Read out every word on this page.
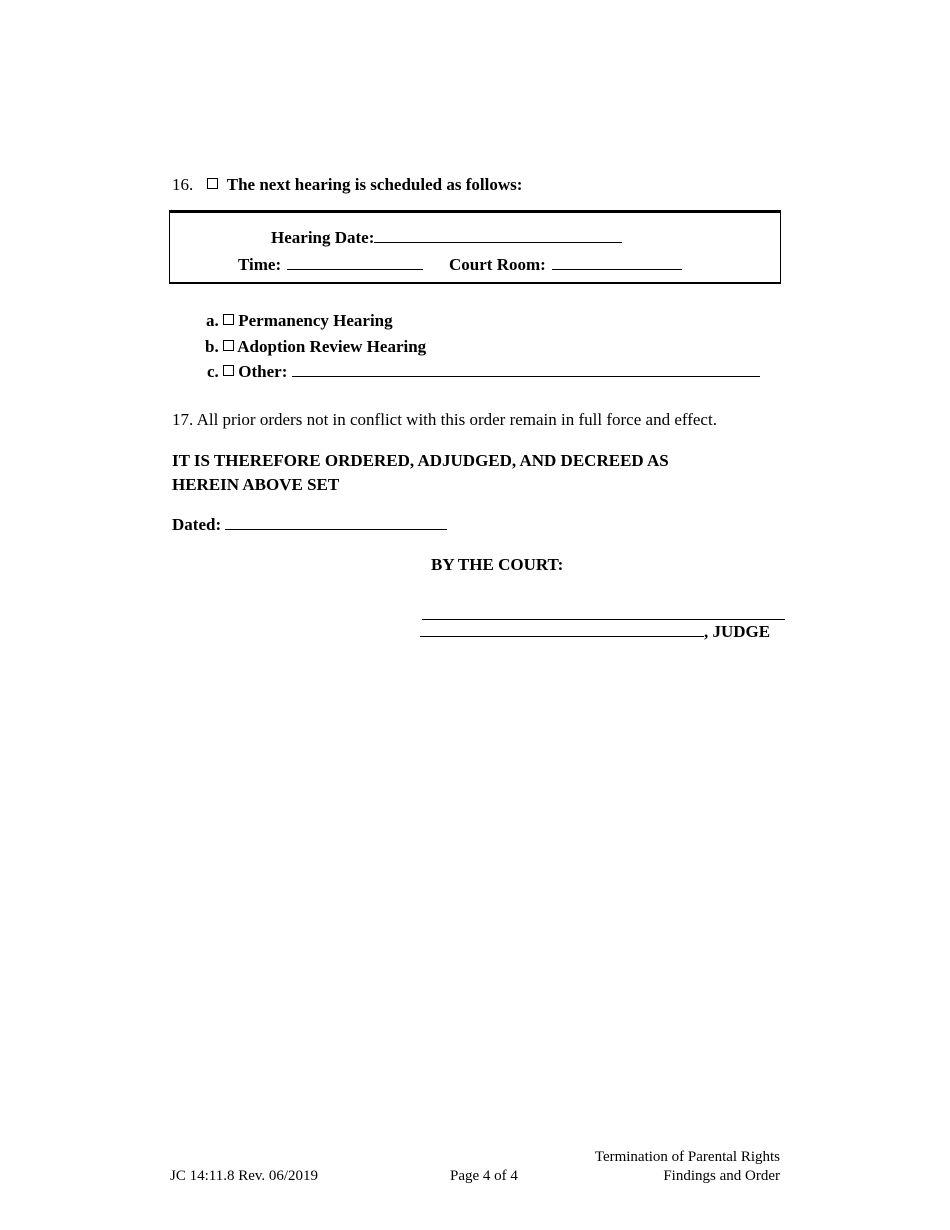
16. The next hearing is scheduled as follows:
Hearing Date:
Time:	Court Room:
a. Permanency Hearing
b. Adoption Review Hearing
c. Other:
17. All prior orders not in conflict with this order remain in full force and effect.
IT IS THEREFORE ORDERED, ADJUDGED, AND DECREED AS
HEREIN ABOVE SET
Dated:
BY THE COURT:
, JUDGE
JC 14:11.8 Rev. 06/2019	Page 4 of 4
Termination of Parental Rights
Findings and Order
